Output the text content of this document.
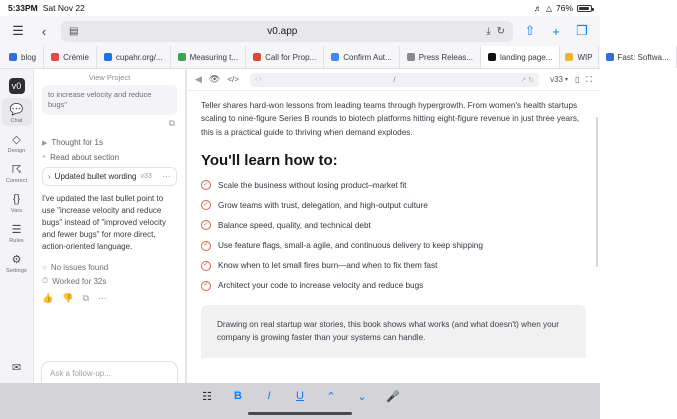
5:33PM Sat Nov 22	♬ △ 76%
☰	‹	▤	v0.app	⤓ ↻ ⇧	+	❐
blog	Crémie	cupahr.org/...	Measuring t...	Call for Prop...	Confirm Aut...	Press Releas...	landing page...	WIP	Fast: Softwa...
v0
💬
Chat
◇
Design
☈
Connect
{}
Vars
☰
Rules
⚙
Settings
✉
View Project
to increase velocity and reduce bugs"
⧉
▶ Thought for 1s
+ Read about section
› Updated bullet wording v33 ⋯
I've updated the last bullet point to use "increase velocity and reduce bugs" instead of "improved velocity and fewer bugs" for more direct, action-oriented language.
○ No issues found
⏱ Worked for 32s
👍 👎 ⧉ ⋯
Ask a follow-up...
◀ 👁 </> ‹ ›	/	↗ ↻ v33 ▾ ▯ ⛶
Teller shares hard-won lessons from leading teams through hypergrowth. From women's health startups scaling to nine-figure Series B rounds to biotech platforms hitting eight-figure revenue in just three years, this is a practical guide to thriving when demand explodes.
You'll learn how to:
✓ Scale the business without losing product–market fit
✓ Grow teams with trust, delegation, and high-output culture
✓ Balance speed, quality, and technical debt
✓ Use feature flags, small-a agile, and continuous delivery to keep shipping
✓ Know when to let small fires burn—and when to fix them fast
✓ Architect your code to increase velocity and reduce bugs
Drawing on real startup war stories, this book shows what works (and what doesn't) when your company is growing faster than your systems can handle.
☷ B	I	U ⌃ ⌄ 🎤
